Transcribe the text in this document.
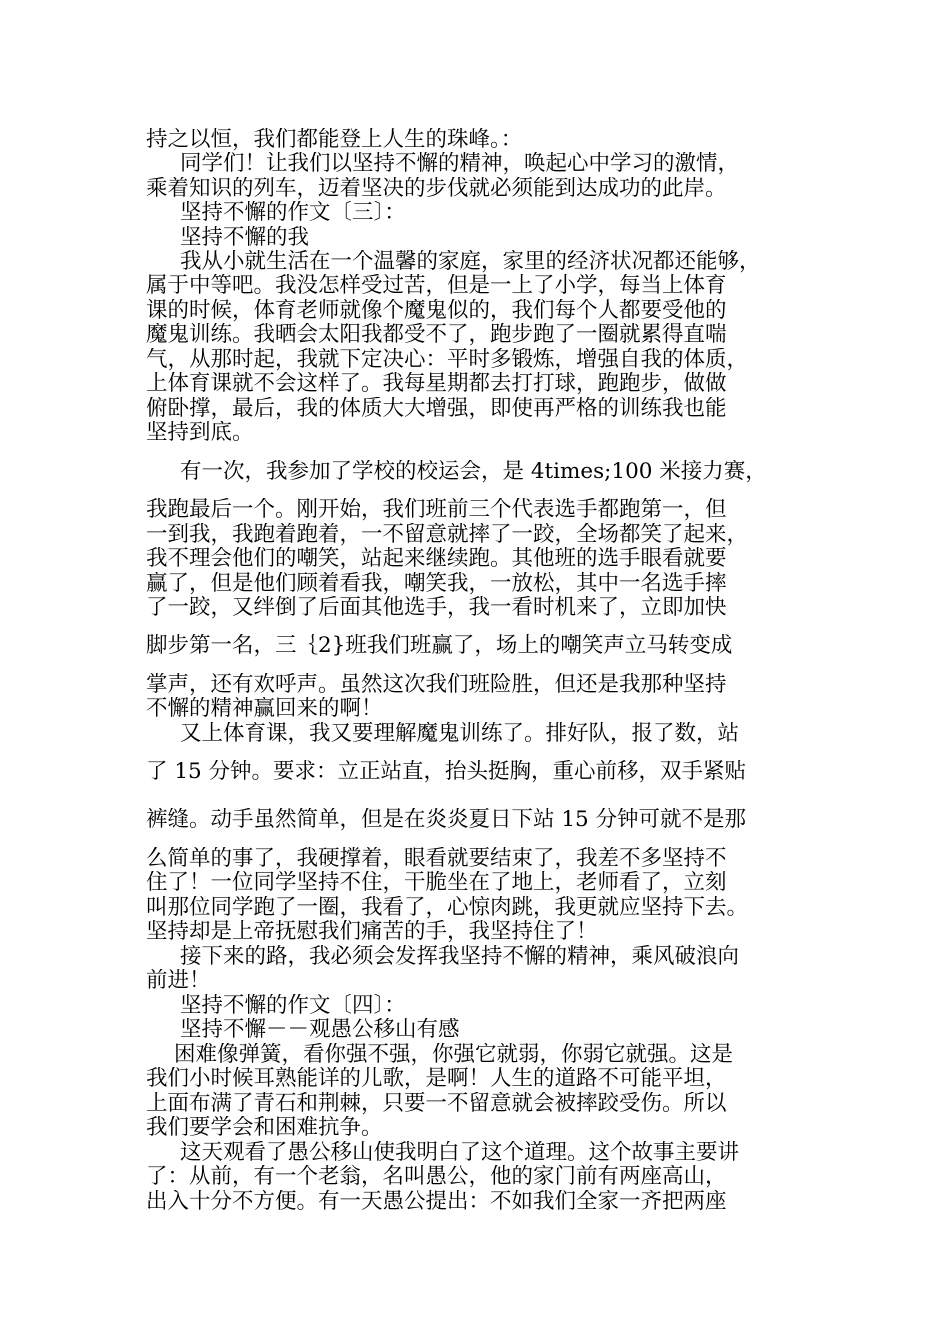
持之以恒，我们都能登上人生的珠峰。：
同学们！让我们以坚持不懈的精神，唤起心中学习的激情，
乘着知识的列车，迈着坚决的步伐就必须能到达成功的此岸。
坚持不懈的作文〔三〕：
坚持不懈的我
我从小就生活在一个温馨的家庭，家里的经济状况都还能够，
属于中等吧。我没怎样受过苦，但是一上了小学，每当上体育
课的时候，体育老师就像个魔鬼似的，我们每个人都要受他的
魔鬼训练。我晒会太阳我都受不了，跑步跑了一圈就累得直喘
气，从那时起，我就下定决心：平时多锻炼，增强自我的体质，
上体育课就不会这样了。我每星期都去打打球，跑跑步，做做
俯卧撑，最后，我的体质大大增强，即使再严格的训练我也能
坚持到底。
有一次，我参加了学校的校运会，是 4times;100 米接力赛，
我跑最后一个。刚开始，我们班前三个代表选手都跑第一，但
一到我，我跑着跑着，一不留意就摔了一跤，全场都笑了起来，
我不理会他们的嘲笑，站起来继续跑。其他班的选手眼看就要
赢了，但是他们顾着看我，嘲笑我，一放松，其中一名选手摔
了一跤，又绊倒了后面其他选手，我一看时机来了，立即加快
脚步第一名，三｛2}班我们班赢了，场上的嘲笑声立马转变成
掌声，还有欢呼声。虽然这次我们班险胜，但还是我那种坚持
不懈的精神赢回来的啊！
又上体育课，我又要理解魔鬼训练了。排好队，报了数，站
了 15 分钟。要求：立正站直，抬头挺胸，重心前移，双手紧贴
裤缝。动手虽然简单，但是在炎炎夏日下站 15 分钟可就不是那
么简单的事了，我硬撑着，眼看就要结束了，我差不多坚持不
住了！一位同学坚持不住，干脆坐在了地上，老师看了，立刻
叫那位同学跑了一圈，我看了，心惊肉跳，我更就应坚持下去。
坚持却是上帝抚慰我们痛苦的手，我坚持住了！
接下来的路，我必须会发挥我坚持不懈的精神，乘风破浪向
前进！
坚持不懈的作文〔四〕：
坚持不懈－－观愚公移山有感
困难像弹簧，看你强不强，你强它就弱，你弱它就强。这是
我们小时候耳熟能详的儿歌，是啊！人生的道路不可能平坦，
上面布满了青石和荆棘，只要一不留意就会被摔跤受伤。所以
我们要学会和困难抗争。
这天观看了愚公移山使我明白了这个道理。这个故事主要讲
了：从前，有一个老翁，名叫愚公，他的家门前有两座高山，
出入十分不方便。有一天愚公提出：不如我们全家一齐把两座
